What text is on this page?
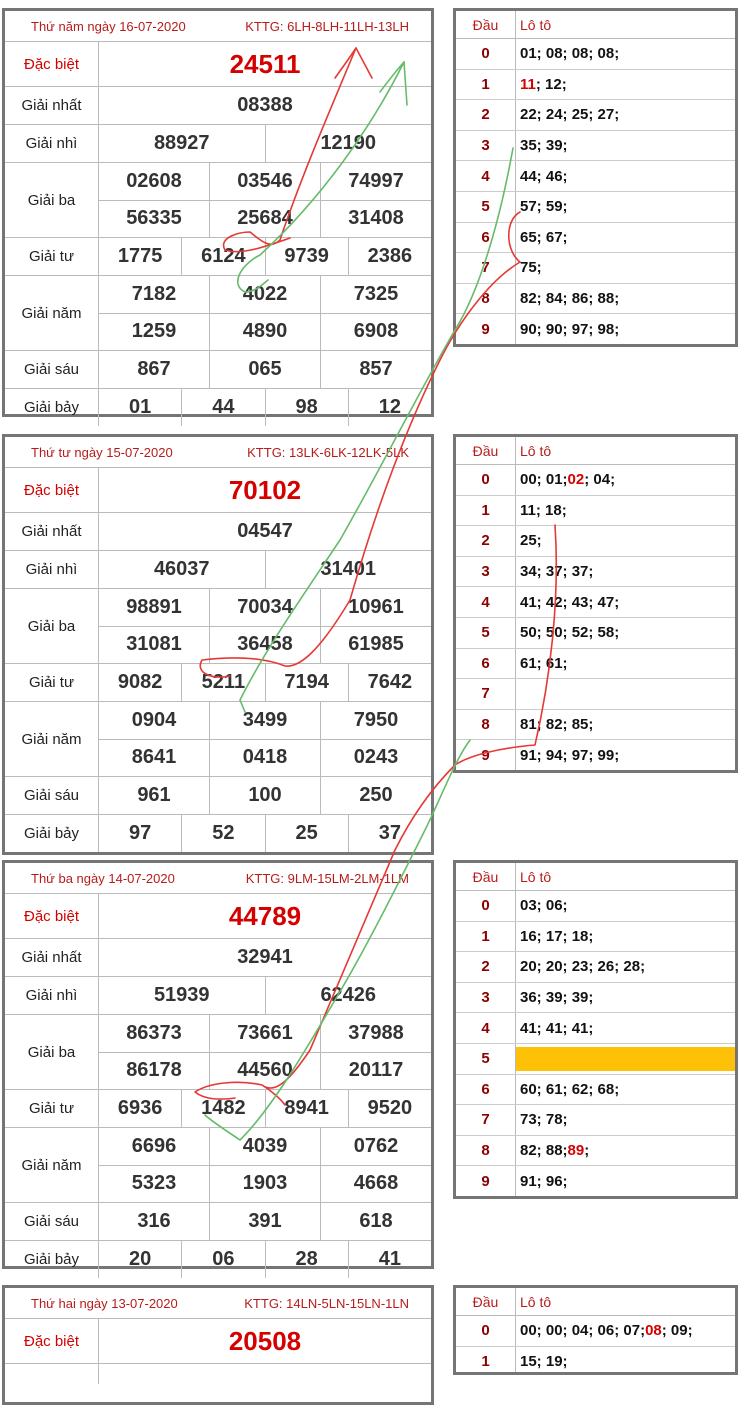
Thứ năm ngày 16-07-2020	KTTG: 6LH-8LH-11LH-13LH
Đặc biệt	24511
Giải nhất	08388
Giải nhì	88927	12190
Giải ba
02608	03546	74997
56335	25684	31408
Giải tư	1775	6124	9739	2386
Giải năm
7182	4022	7325
1259	4890	6908
Giải sáu	867	065	857
Giải bảy	01	44	98	12
Đầu	Lô tô
0	01; 08; 08; 08;
1	11 ; 12;
2	22; 24; 25; 27;
3	35; 39;
4	44; 46;
5	57; 59;
6	65; 67;
7	75;
8	82; 84; 86; 88;
9	90; 90; 97; 98;
Thứ tư ngày 15-07-2020	KTTG: 13LK-6LK-12LK-5LK
Đặc biệt	70102
Giải nhất	04547
Giải nhì	46037	31401
Giải ba
98891	70034	10961
31081	36458	61985
Giải tư	9082	5211	7194	7642
Giải năm
0904	3499	7950
8641	0418	0243
Giải sáu	961	100	250
Giải bảy	97	52	25	37
Đầu	Lô tô
0	00; 01; 02 ; 04;
1	11; 18;
2	25;
3	34; 37; 37;
4	41; 42; 43; 47;
5	50; 50; 52; 58;
6	61; 61;
7
8	81; 82; 85;
9	91; 94; 97; 99;
Thứ ba ngày 14-07-2020	KTTG: 9LM-15LM-2LM-1LM
Đặc biệt	44789
Giải nhất	32941
Giải nhì	51939	62426
Giải ba
86373	73661	37988
86178	44560	20117
Giải tư	6936	1482	8941	9520
Giải năm
6696	4039	0762
5323	1903	4668
Giải sáu	316	391	618
Giải bảy	20	06	28	41
Đầu	Lô tô
0	03; 06;
1	16; 17; 18;
2	20; 20; 23; 26; 28;
3	36; 39; 39;
4	41; 41; 41;
5
6	60; 61; 62; 68;
7	73; 78;
8	82; 88; 89 ;
9	91; 96;
Thứ hai ngày 13-07-2020	KTTG: 14LN-5LN-15LN-1LN
Đặc biệt	20508
Đầu	Lô tô
0	00; 00; 04; 06; 07; 08 ; 09;
1	15; 19;
